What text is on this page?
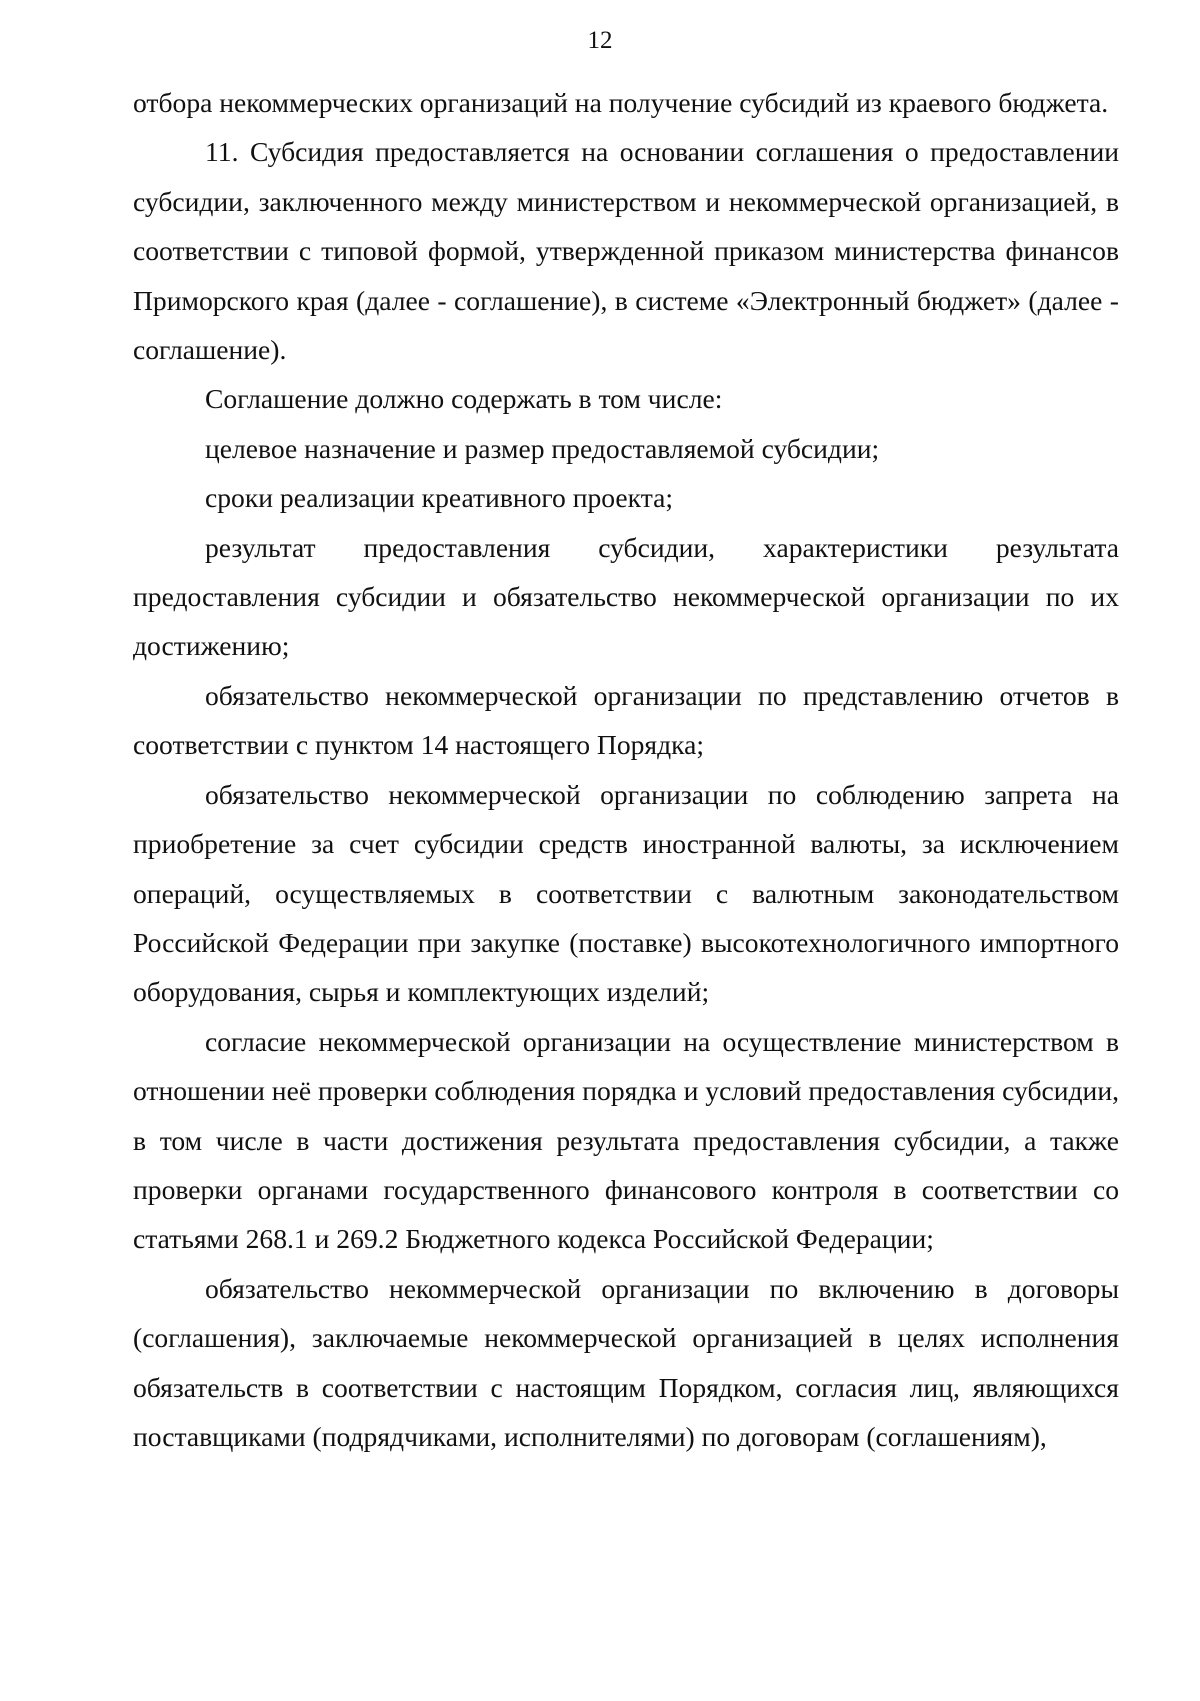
12

отбора некоммерческих организаций на получение субсидий из краевого бюджета.

11. Субсидия предоставляется на основании соглашения о предоставлении субсидии, заключенного между министерством и некоммерческой организацией, в соответствии с типовой формой, утвержденной приказом министерства финансов Приморского края (далее - соглашение), в системе «Электронный бюджет» (далее - соглашение).

Соглашение должно содержать в том числе:

целевое назначение и размер предоставляемой субсидии;

сроки реализации креативного проекта;

результат предоставления субсидии, характеристики результата предоставления субсидии и обязательство некоммерческой организации по их достижению;

обязательство некоммерческой организации по представлению отчетов в соответствии с пунктом 14 настоящего Порядка;

обязательство некоммерческой организации по соблюдению запрета на приобретение за счет субсидии средств иностранной валюты, за исключением операций, осуществляемых в соответствии с валютным законодательством Российской Федерации при закупке (поставке) высокотехнологичного импортного оборудования, сырья и комплектующих изделий;

согласие некоммерческой организации на осуществление министерством в отношении неё проверки соблюдения порядка и условий предоставления субсидии, в том числе в части достижения результата предоставления субсидии, а также проверки органами государственного финансового контроля в соответствии со статьями 268.1 и 269.2 Бюджетного кодекса Российской Федерации;

обязательство некоммерческой организации по включению в договоры (соглашения), заключаемые некоммерческой организацией в целях исполнения обязательств в соответствии с настоящим Порядком, согласия лиц, являющихся поставщиками (подрядчиками, исполнителями) по договорам (соглашениям),
